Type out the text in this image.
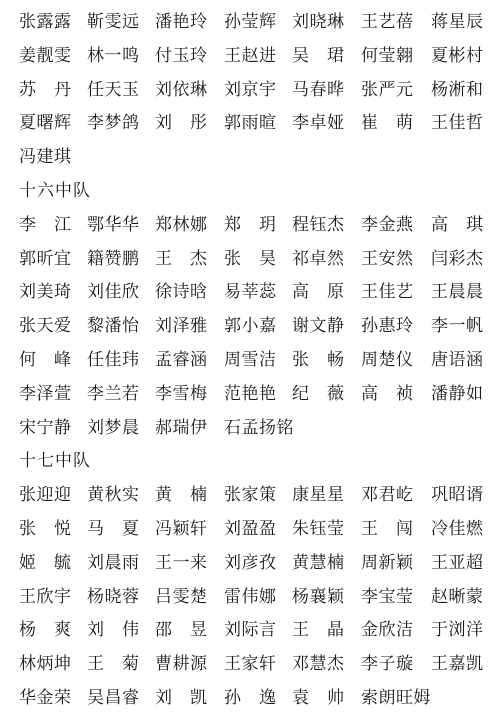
张露露 靳雯远 潘艳玲 孙莹辉 刘晓琳 王艺蓓 蒋星辰
姜靓雯 林一鸣 付玉玲 王赵进 吴　珺 何莹翱 夏彬村
苏　丹 任天玉 刘依琳 刘京宇 马春晔 张严元 杨淅和
夏曙辉 李梦鸽 刘　彤 郭雨暄 李卓娅 崔　萌 王佳哲
冯建琪
十六中队
李　江 鄂华华 郑林娜 郑　玥 程钰杰 李金燕 高　琪
郭昕宜 籍赞鹏 王　杰 张　昊 祁卓然 王安然 闫彩杰
刘美琦 刘佳欣 徐诗晗 易莘蕊 高　原 王佳艺 王晨晨
张天爱 黎潘怡 刘泽雅 郭小嘉 谢文静 孙惠玲 李一帆
何　峰 任佳玮 孟睿涵 周雪洁 张　畅 周楚仪 唐语涵
李泽萱 李兰若 李雪梅 范艳艳 纪　薇 高　祯 潘静如
宋宁静 刘梦晨 郝瑞伊 石孟扬铭
十七中队
张迎迎 黄秋实 黄　楠 张家策 康星星 邓君屹 巩昭谞
张　悦 马　夏 冯颖轩 刘盈盈 朱钰莹 王　闯 冷佳燃
姬　毓 刘晨雨 王一来 刘彦孜 黄慧楠 周新颖 王亚超
王欣宇 杨晓蓉 吕雯楚 雷伟娜 杨襄颖 李宝莹 赵晰蒙
杨　爽 刘　伟 邵　昱 刘际言 王　晶 金欣洁 于浏洋
林炳坤 王　菊 曹耕源 王家轩 邓慧杰 李子璇 王嘉凯
华金荣 吴昌睿 刘　凯 孙　逸 袁　帅 索朗旺姆
